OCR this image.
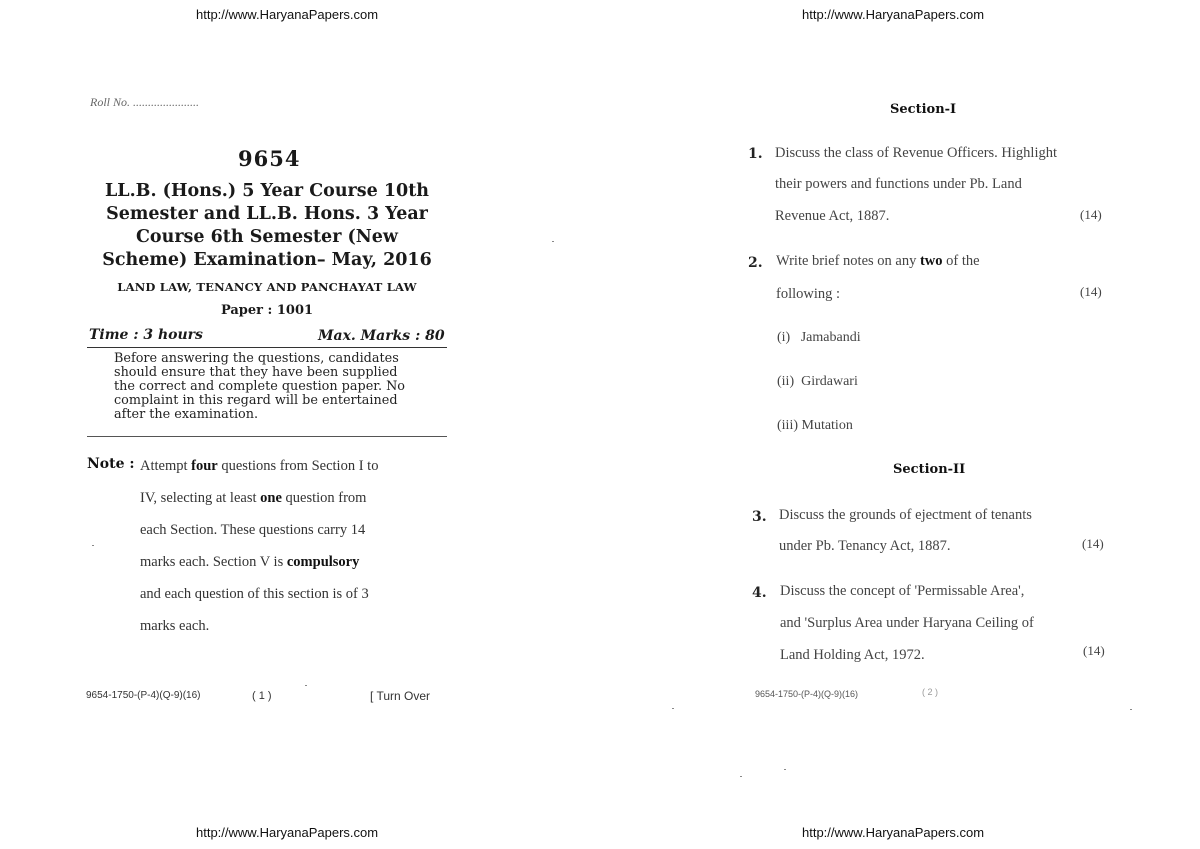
http://www.HaryanaPapers.com
Roll No. ......................
9654
LL.B. (Hons.) 5 Year Course 10th
Semester and LL.B. Hons. 3 Year
Course 6th Semester (New
Scheme) Examination– May, 2016
LAND LAW, TENANCY AND PANCHAYAT LAW
Paper : 1001
Time : 3 hours	Max. Marks : 80
Before answering the questions, candidates
should ensure that they have been supplied
the correct and complete question paper. No
complaint in this regard will be entertained
after the examination.
Note : Attempt four questions from Section I to
IV, selecting at least one question from
each Section. These questions carry 14
marks each. Section V is compulsory
and each question of this section is of 3
marks each.
9654-1750-(P-4)(Q-9)(16)	( 1 )	[ Turn Over
http://www.HaryanaPapers.com
http://www.HaryanaPapers.com
Section-I
1. Discuss the class of Revenue Officers. Highlight
their powers and functions under Pb. Land
Revenue Act, 1887.	(14)
2. Write brief notes on any two of the
following :	(14)
(i)   Jamabandi
(ii)  Girdawari
(iii) Mutation
Section-II
3. Discuss the grounds of ejectment of tenants
under Pb. Tenancy Act, 1887.	(14)
4. Discuss the concept of 'Permissable Area',
and 'Surplus Area under Haryana Ceiling of
Land Holding Act, 1972.	(14)
9654-1750-(P-4)(Q-9)(16)	( 2 )
http://www.HaryanaPapers.com
